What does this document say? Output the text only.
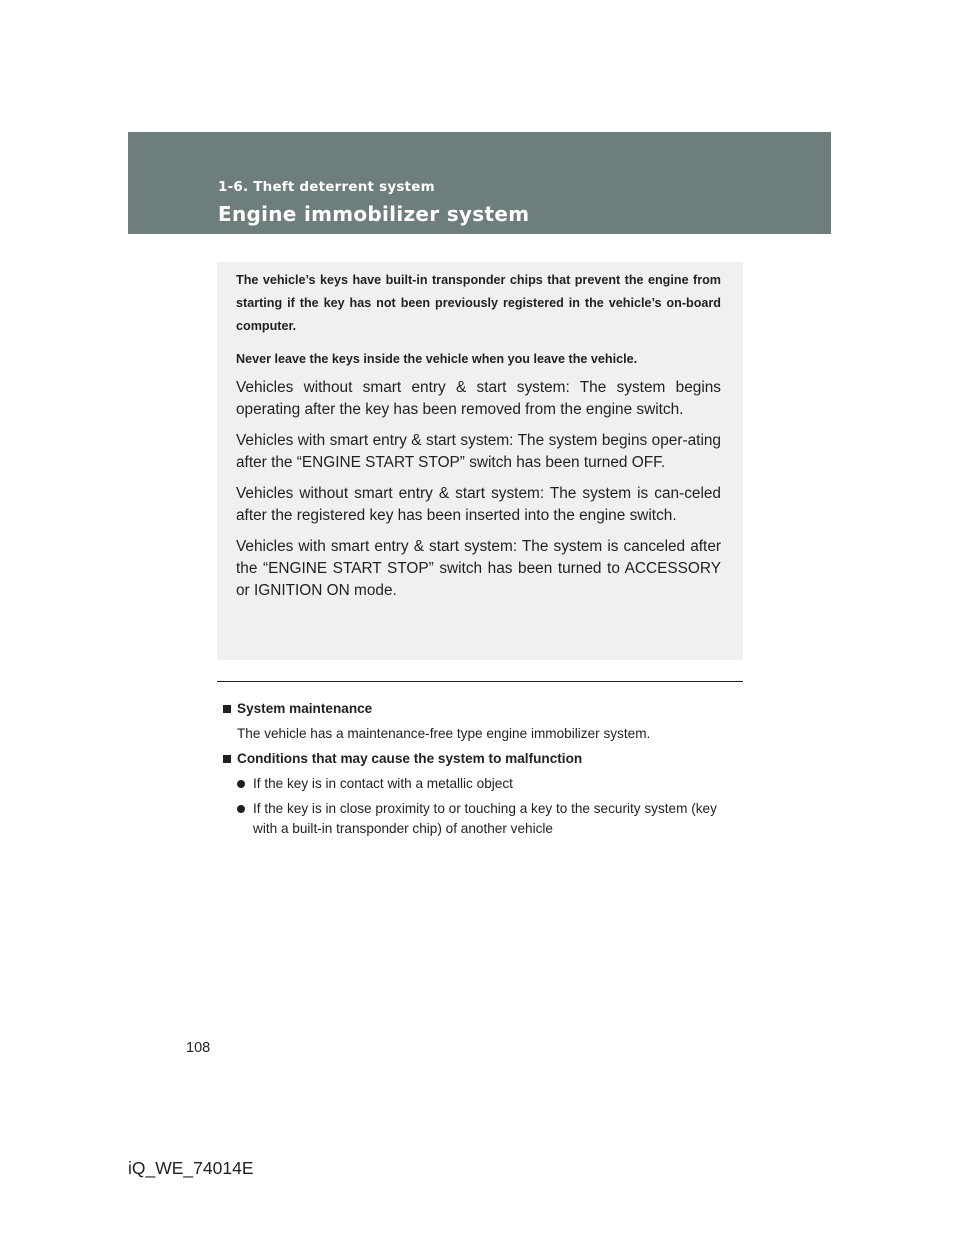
1-6. Theft deterrent system
Engine immobilizer system

The vehicle’s keys have built-in transponder chips that prevent the engine from starting if the key has not been previously registered in the vehicle’s on-board computer.

Never leave the keys inside the vehicle when you leave the vehicle.

Vehicles without smart entry & start system: The system begins operating after the key has been removed from the engine switch.

Vehicles with smart entry & start system: The system begins oper-ating after the “ENGINE START STOP” switch has been turned OFF.

Vehicles without smart entry & start system: The system is can-celed after the registered key has been inserted into the engine switch.

Vehicles with smart entry & start system: The system is canceled after the “ENGINE START STOP” switch has been turned to ACCESSORY or IGNITION ON mode.

System maintenance
The vehicle has a maintenance-free type engine immobilizer system.
Conditions that may cause the system to malfunction
If the key is in contact with a metallic object
If the key is in close proximity to or touching a key to the security system (key with a built-in transponder chip) of another vehicle
108
iQ_WE_74014E
